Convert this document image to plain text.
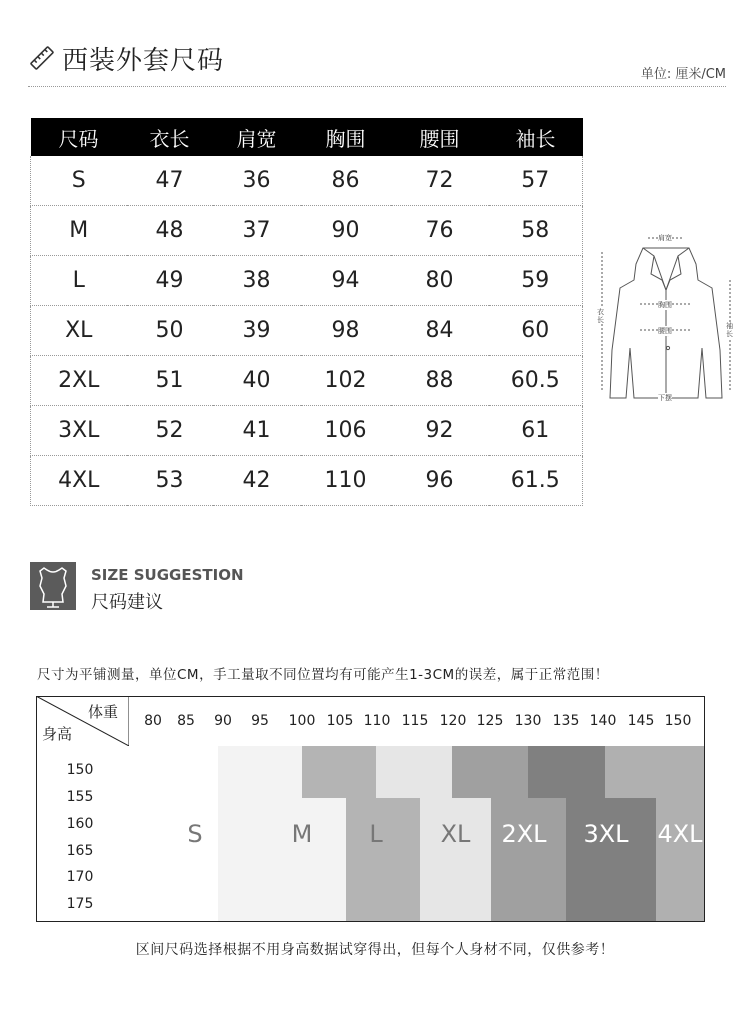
西装外套尺码	单位: 厘米/CM
尺码	衣长	肩宽	胸围	腰围	袖长
S	47	36	86	72	57
M	48	37	90	76	58
L	49	38	94	80	59
XL	50	39	98	84	60
2XL	51	40	102	88	60.5
3XL	52	41	106	92	61
4XL	53	42	110	96	61.5
肩宽
胸围
腰围
下摆
衣长
袖长
SIZE SUGGESTION
尺码建议
尺寸为平铺测量，单位CM，手工量取不同位置均有可能产生1-3CM的误差，属于正常范围！
区间尺码选择根据不用身高数据试穿得出，但每个人身材不同，仅供参考！
80	85	90	95	100 105 110 115 120 125 130 135 140 145 150
150
155
160
165
170
175
S	M	L	XL	2XL	3XL	4XL
体重
身高
